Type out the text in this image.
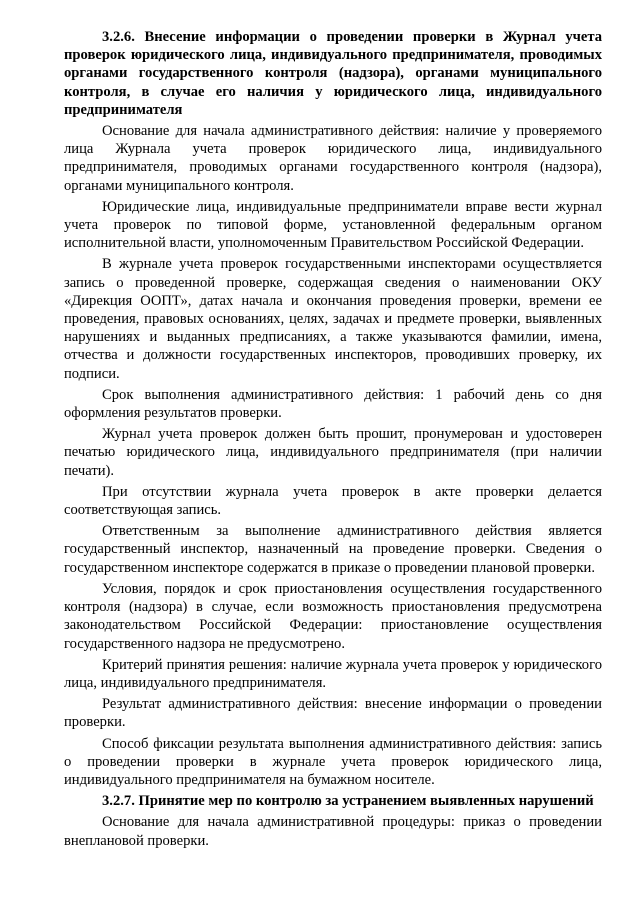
3.2.6. Внесение информации о проведении проверки в Журнал учета проверок юридического лица, индивидуального предпринимателя, проводимых органами государственного контроля (надзора), органами муниципального контроля, в случае его наличия у юридического лица, индивидуального предпринимателя

Основание для начала административного действия: наличие у проверяемого лица Журнала учета проверок юридического лица, индивидуального предпринимателя, проводимых органами государственного контроля (надзора), органами муниципального контроля.

Юридические лица, индивидуальные предприниматели вправе вести журнал учета проверок по типовой форме, установленной федеральным органом исполнительной власти, уполномоченным Правительством Российской Федерации.

В журнале учета проверок государственными инспекторами осуществляется запись о проведенной проверке, содержащая сведения о наименовании ОКУ «Дирекция ООПТ», датах начала и окончания проведения проверки, времени ее проведения, правовых основаниях, целях, задачах и предмете проверки, выявленных нарушениях и выданных предписаниях, а также указываются фамилии, имена, отчества и должности государственных инспекторов, проводивших проверку, их подписи.

Срок выполнения административного действия: 1 рабочий день со дня оформления результатов проверки.

Журнал учета проверок должен быть прошит, пронумерован и удостоверен печатью юридического лица, индивидуального предпринимателя (при наличии печати).

При отсутствии журнала учета проверок в акте проверки делается соответствующая запись.

Ответственным за выполнение административного действия является государственный инспектор, назначенный на проведение проверки. Сведения о государственном инспекторе содержатся в приказе о проведении плановой проверки.

Условия, порядок и срок приостановления осуществления государственного контроля (надзора) в случае, если возможность приостановления предусмотрена законодательством Российской Федерации: приостановление осуществления государственного надзора не предусмотрено.

Критерий принятия решения: наличие журнала учета проверок у юридического лица, индивидуального предпринимателя.

Результат административного действия: внесение информации о проведении проверки.

Способ фиксации результата выполнения административного действия: запись о проведении проверки в журнале учета проверок юридического лица, индивидуального предпринимателя на бумажном носителе.

3.2.7. Принятие мер по контролю за устранением выявленных нарушений

Основание для начала административной процедуры: приказ о проведении внеплановой проверки.
